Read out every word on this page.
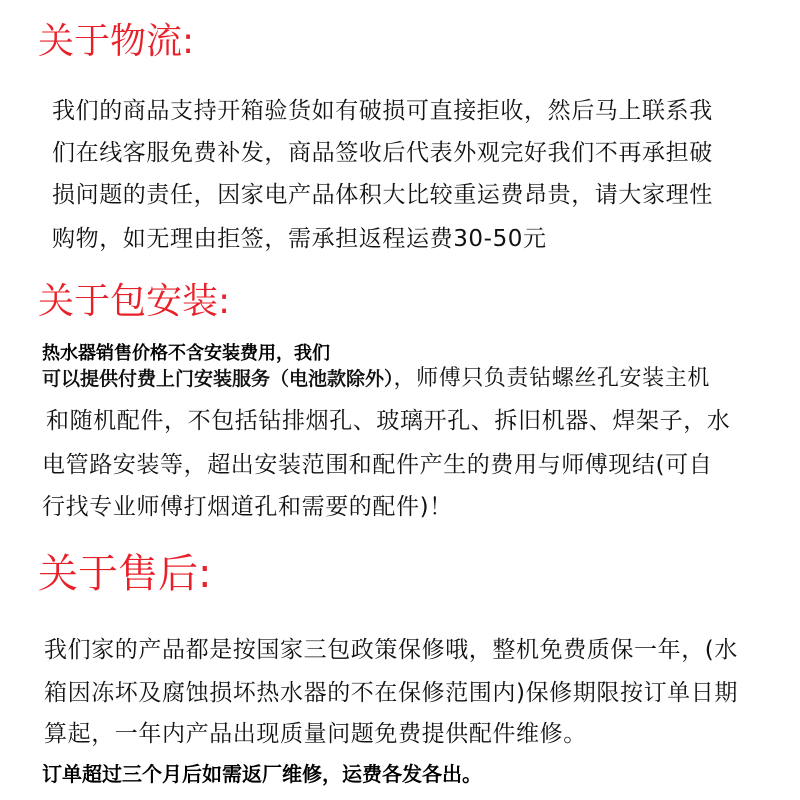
关于物流:

我们的商品支持开箱验货如有破损可直接拒收，然后马上联系我

们在线客服免费补发，商品签收后代表外观完好我们不再承担破

损问题的责任，因家电产品体积大比较重运费昂贵，请大家理性

购物，如无理由拒签，需承担返程运费30-50元

关于包安装:

热水器销售价格不含安装费用，我们

可以提供付费上门安装服务（电池款除外），师傅只负责钻螺丝孔安装主机

和随机配件，不包括钻排烟孔、玻璃开孔、拆旧机器、焊架子，水

电管路安装等，超出安装范围和配件产生的费用与师傅现结(可自

行找专业师傅打烟道孔和需要的配件)！

关于售后:

我们家的产品都是按国家三包政策保修哦，整机免费质保一年，(水

箱因冻坏及腐蚀损坏热水器的不在保修范围内)保修期限按订单日期

算起，一年内产品出现质量问题免费提供配件维修。

订单超过三个月后如需返厂维修，运费各发各出。
